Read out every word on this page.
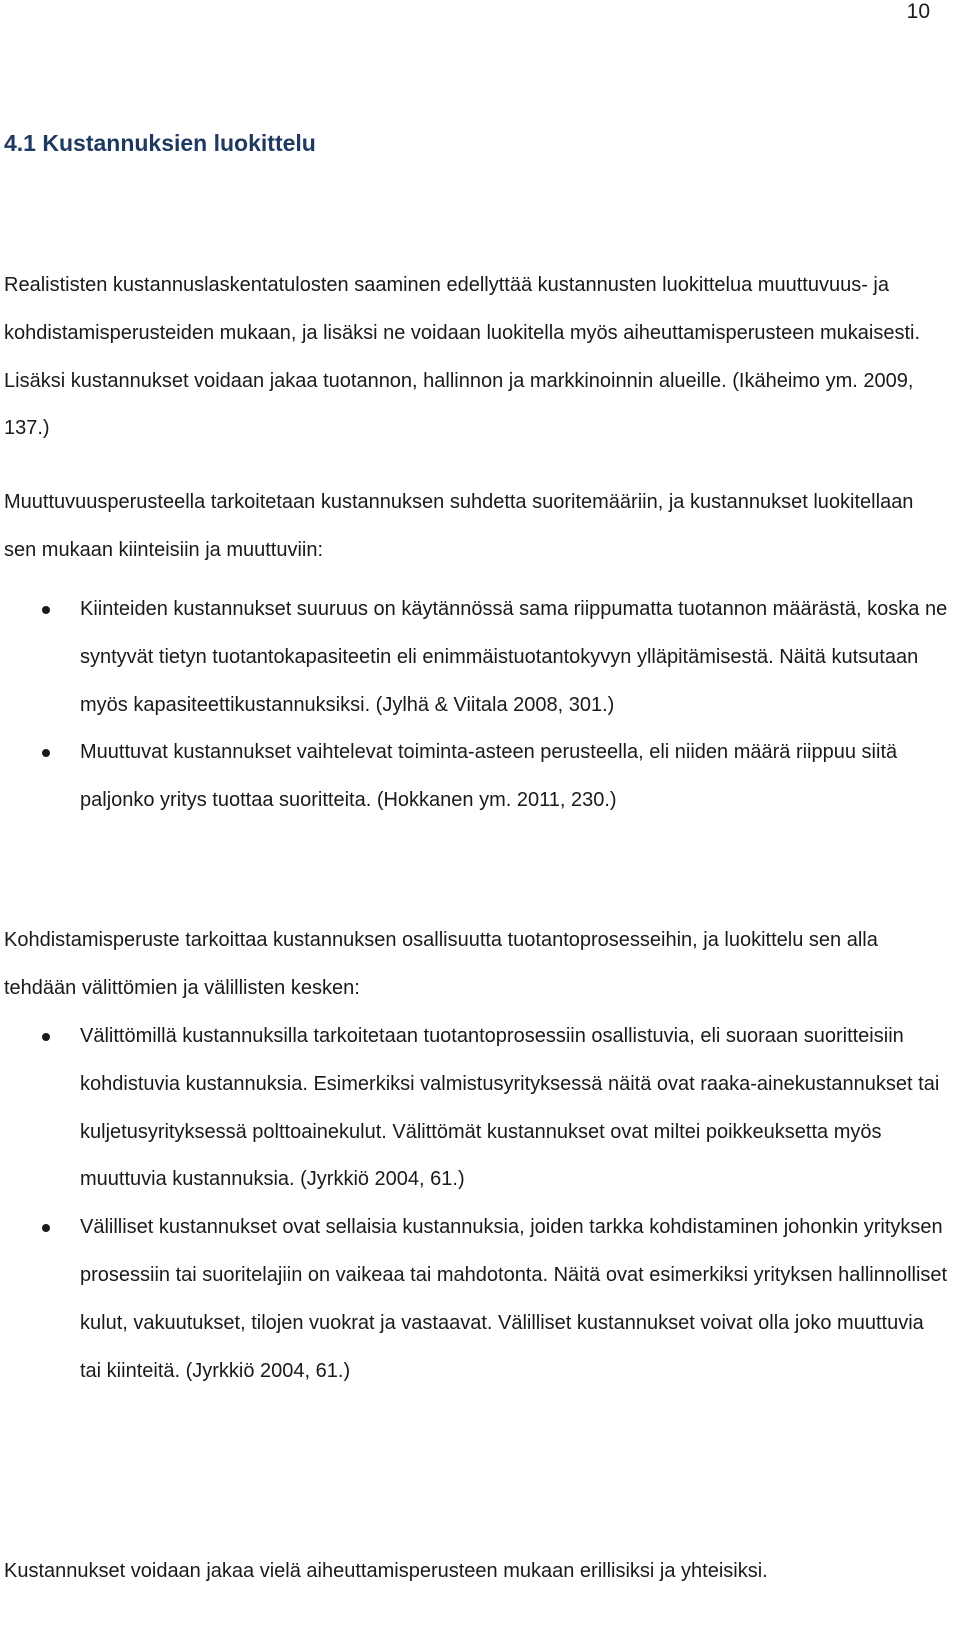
10
4.1 Kustannuksien luokittelu

Realististen kustannuslaskentatulosten saaminen edellyttää kustannusten luokittelua muuttuvuus- ja kohdistamisperusteiden mukaan, ja lisäksi ne voidaan luokitella myös aiheuttamisperusteen mukaisesti. Lisäksi kustannukset voidaan jakaa tuotannon, hallinnon ja markkinoinnin alueille. (Ikäheimo ym. 2009, 137.)

Muuttuvuusperusteella tarkoitetaan kustannuksen suhdetta suoritemääriin, ja kustannukset luokitellaan sen mukaan kiinteisiin ja muuttuviin:

Kiinteiden kustannukset suuruus on käytännössä sama riippumatta tuotannon määrästä, koska ne syntyvät tietyn tuotantokapasiteetin eli enimmäistuotantokyvyn ylläpitämisestä. Näitä kutsutaan myös kapasiteettikustannuksiksi. (Jylhä & Viitala 2008, 301.)
Muuttuvat kustannukset vaihtelevat toiminta-asteen perusteella, eli niiden määrä riippuu siitä paljonko yritys tuottaa suoritteita. (Hokkanen ym. 2011, 230.)

Kohdistamisperuste tarkoittaa kustannuksen osallisuutta tuotantoprosesseihin, ja luokittelu sen alla tehdään välittömien ja välillisten kesken:

Välittömillä kustannuksilla tarkoitetaan tuotantoprosessiin osallistuvia, eli suoraan suoritteisiin kohdistuvia kustannuksia. Esimerkiksi valmistusyrityksessä näitä ovat raaka-ainekustannukset tai kuljetusyrityksessä polttoainekulut. Välittömät kustannukset ovat miltei poikkeuksetta myös muuttuvia kustannuksia. (Jyrkkiö 2004, 61.)
Välilliset kustannukset ovat sellaisia kustannuksia, joiden tarkka kohdistaminen johonkin yrityksen prosessiin tai suoritelajiin on vaikeaa tai mahdotonta. Näitä ovat esimerkiksi yrityksen hallinnolliset kulut, vakuutukset, tilojen vuokrat ja vastaavat. Välilliset kustannukset voivat olla joko muuttuvia tai kiinteitä. (Jyrkkiö 2004, 61.)

Kustannukset voidaan jakaa vielä aiheuttamisperusteen mukaan erillisiksi ja yhteisiksi.
